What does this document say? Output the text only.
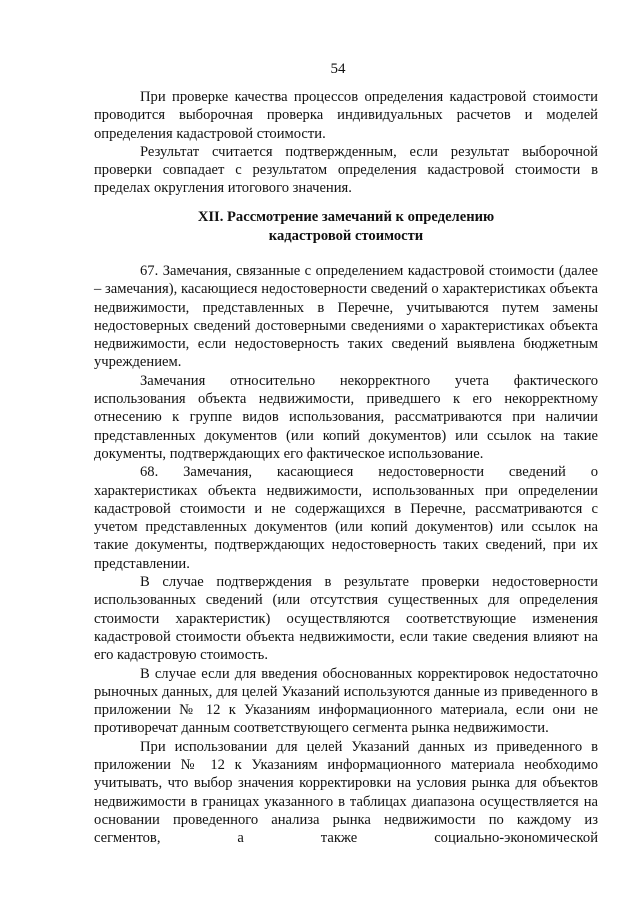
54

При проверке качества процессов определения кадастровой стоимости проводится выборочная проверка индивидуальных расчетов и моделей определения кадастровой стоимости.

Результат считается подтвержденным, если результат выборочной проверки совпадает с результатом определения кадастровой стоимости в пределах округления итогового значения.

XII. Рассмотрение замечаний к определению
кадастровой стоимости

67. Замечания, связанные с определением кадастровой стоимости (далее – замечания), касающиеся недостоверности сведений о характеристиках объекта недвижимости, представленных в Перечне, учитываются путем замены недостоверных сведений достоверными сведениями о характеристиках объекта недвижимости, если недостоверность таких сведений выявлена бюджетным учреждением.

Замечания относительно некорректного учета фактического использования объекта недвижимости, приведшего к его некорректному отнесению к группе видов использования, рассматриваются при наличии представленных документов (или копий документов) или ссылок на такие документы, подтверждающих его фактическое использование.

68. Замечания, касающиеся недостоверности сведений о характеристиках объекта недвижимости, использованных при определении кадастровой стоимости и не содержащихся в Перечне, рассматриваются с учетом представленных документов (или копий документов) или ссылок на такие документы, подтверждающих недостоверность таких сведений, при их представлении.

В случае подтверждения в результате проверки недостоверности использованных сведений (или отсутствия существенных для определения стоимости характеристик) осуществляются соответствующие изменения кадастровой стоимости объекта недвижимости, если такие сведения влияют на его кадастровую стоимость.

В случае если для введения обоснованных корректировок недостаточно рыночных данных, для целей Указаний используются данные из приведенного в приложении № 12 к Указаниям информационного материала, если они не противоречат данным соответствующего сегмента рынка недвижимости.

При использовании для целей Указаний данных из приведенного в приложении № 12 к Указаниям информационного материала необходимо учитывать, что выбор значения корректировки на условия рынка для объектов недвижимости в границах указанного в таблицах диапазона осуществляется на основании проведенного анализа рынка недвижимости по каждому из сегментов, а также социально-экономической
